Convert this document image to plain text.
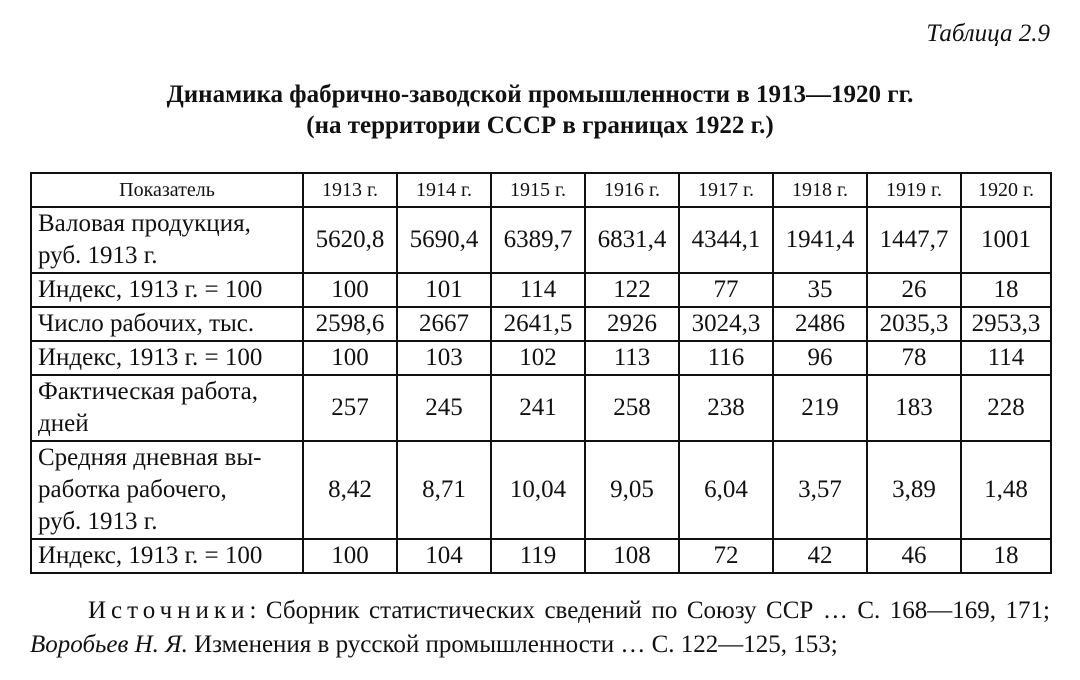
Таблица 2.9
Динамика фабрично-заводской промышленности в 1913—1920 гг.
(на территории СССР в границах 1922 г.)
Показатель	1913 г.	1914 г.	1915 г.	1916 г.	1917 г.	1918 г.	1919 г.	1920 г.

Валовая продукция,
руб. 1913 г.	5620,8	5690,4	6389,7	6831,4	4344,1	1941,4	1447,7	1001

Индекс, 1913 г. = 100	100	101	114	122	77	35	26	18

Число рабочих, тыс.	2598,6	2667	2641,5	2926	3024,3	2486	2035,3	2953,3

Индекс, 1913 г. = 100	100	103	102	113	116	96	78	114

Фактическая работа,
дней	257	245	241	258	238	219	183	228

Средняя дневная вы-
работка рабочего,
руб. 1913 г.	8,42	8,71	10,04	9,05	6,04	3,57	3,89	1,48

Индекс, 1913 г. = 100	100	104	119	108	72	42	46	18
Источники: Сборник статистических сведений по Союзу ССР … С. 168—169, 171; Воробьев Н. Я. Изменения в русской промышленности … С. 122—125, 153;
